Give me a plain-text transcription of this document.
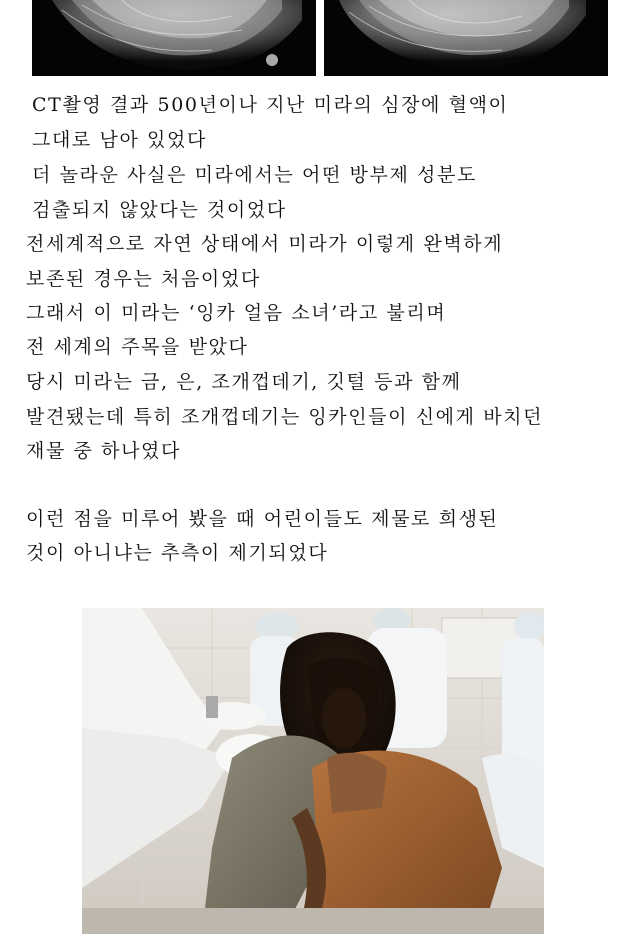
CT촬영 결과 500년이나 지난 미라의 심장에 혈액이
그대로 남아 있었다
더 놀라운 사실은 미라에서는 어떤 방부제 성분도
검출되지 않았다는 것이었다
전세계적으로 자연 상태에서 미라가 이렇게 완벽하게
보존된 경우는 처음이었다
그래서 이 미라는 ‘잉카 얼음 소녀’라고 불리며
전 세계의 주목을 받았다
당시 미라는 금, 은, 조개껍데기, 깃털 등과 함께
발견됐는데 특히 조개껍데기는 잉카인들이 신에게 바치던
재물 중 하나였다
이런 점을 미루어 봤을 때 어린이들도 제물로 희생된
것이 아니냐는 추측이 제기되었다
